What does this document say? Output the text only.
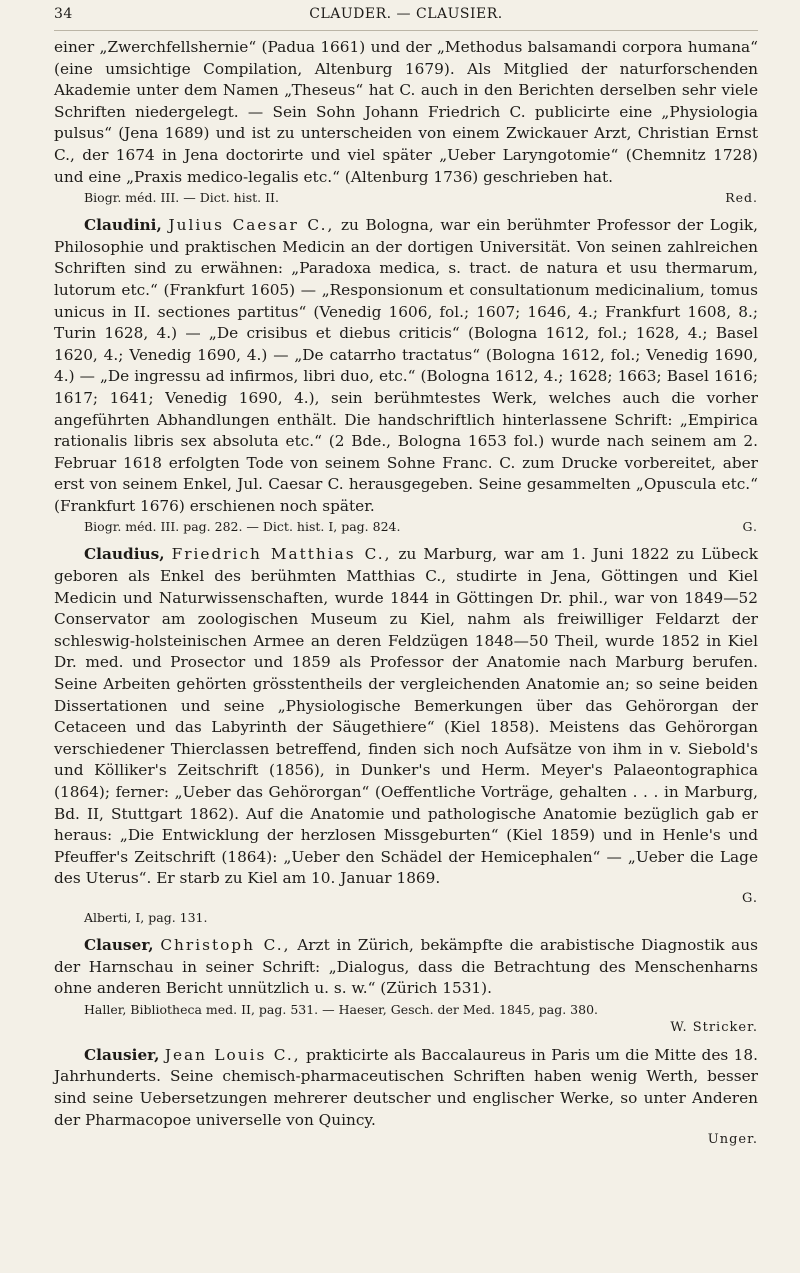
34	CLAUDER. — CLAUSIER.

einer „Zwerchfellshernie“ (Padua 1661) und der „Methodus balsamandi corpora humana“ (eine umsichtige Compilation, Altenburg 1679). Als Mitglied der naturforschenden Akademie unter dem Namen „Theseus“ hat C. auch in den Berichten derselben sehr viele Schriften niedergelegt. — Sein Sohn Johann Friedrich C. publicirte eine „Physiologia pulsus“ (Jena 1689) und ist zu unterscheiden von einem Zwickauer Arzt, Christian Ernst C., der 1674 in Jena doctorirte und viel später „Ueber Laryngotomie“ (Chemnitz 1728) und eine „Praxis medico-legalis etc.“ (Altenburg 1736) geschrieben hat.

Biogr. méd. III. — Dict. hist. II.	Red.

Claudini, Julius Caesar C., zu Bologna, war ein berühmter Professor der Logik, Philosophie und praktischen Medicin an der dortigen Universität. Von seinen zahlreichen Schriften sind zu erwähnen: „Paradoxa medica, s. tract. de natura et usu thermarum, lutorum etc.“ (Frankfurt 1605) — „Responsionum et consultationum medicinalium, tomus unicus in II. sectiones partitus“ (Venedig 1606, fol.; 1607; 1646, 4.; Frankfurt 1608, 8.; Turin 1628, 4.) — „De crisibus et diebus criticis“ (Bologna 1612, fol.; 1628, 4.; Basel 1620, 4.; Venedig 1690, 4.) — „De catarrho tractatus“ (Bologna 1612, fol.; Venedig 1690, 4.) — „De ingressu ad infirmos, libri duo, etc.“ (Bologna 1612, 4.; 1628; 1663; Basel 1616; 1617; 1641; Venedig 1690, 4.), sein berühmtestes Werk, welches auch die vorher angeführten Abhandlungen enthält. Die handschriftlich hinterlassene Schrift: „Empirica rationalis libris sex absoluta etc.“ (2 Bde., Bologna 1653 fol.) wurde nach seinem am 2. Februar 1618 erfolgten Tode von seinem Sohne Franc. C. zum Drucke vorbereitet, aber erst von seinem Enkel, Jul. Caesar C. herausgegeben. Seine gesammelten „Opuscula etc.“ (Frankfurt 1676) erschienen noch später.

Biogr. méd. III. pag. 282. — Dict. hist. I, pag. 824.	G.

Claudius, Friedrich Matthias C., zu Marburg, war am 1. Juni 1822 zu Lübeck geboren als Enkel des berühmten Matthias C., studirte in Jena, Göttingen und Kiel Medicin und Naturwissenschaften, wurde 1844 in Göttingen Dr. phil., war von 1849—52 Conservator am zoologischen Museum zu Kiel, nahm als freiwilliger Feldarzt der schleswig-holsteinischen Armee an deren Feldzügen 1848—50 Theil, wurde 1852 in Kiel Dr. med. und Prosector und 1859 als Professor der Anatomie nach Marburg berufen. Seine Arbeiten gehörten grösstentheils der vergleichenden Anatomie an; so seine beiden Dissertationen und seine „Physiologische Bemerkungen über das Gehörorgan der Cetaceen und das Labyrinth der Säugethiere“ (Kiel 1858). Meistens das Gehörorgan verschiedener Thierclassen betreffend, finden sich noch Aufsätze von ihm in v. Siebold's und Kölliker's Zeitschrift (1856), in Dunker's und Herm. Meyer's Palaeontographica (1864); ferner: „Ueber das Gehörorgan“ (Oeffentliche Vorträge, gehalten . . . in Marburg, Bd. II, Stuttgart 1862). Auf die Anatomie und pathologische Anatomie bezüglich gab er heraus: „Die Entwicklung der herzlosen Missgeburten“ (Kiel 1859) und in Henle's und Pfeuffer's Zeitschrift (1864): „Ueber den Schädel der Hemicephalen“ — „Ueber die Lage des Uterus“. Er starb zu Kiel am 10. Januar 1869.

G.
Alberti, I, pag. 131.

Clauser, Christoph C., Arzt in Zürich, bekämpfte die arabistische Diagnostik aus der Harnschau in seiner Schrift: „Dialogus, dass die Betrachtung des Menschenharns ohne anderen Bericht unnützlich u. s. w.“ (Zürich 1531).

Haller, Bibliotheca med. II, pag. 531. — Haeser, Gesch. der Med. 1845, pag. 380.
W. Stricker.

Clausier, Jean Louis C., prakticirte als Baccalaureus in Paris um die Mitte des 18. Jahrhunderts. Seine chemisch-pharmaceutischen Schriften haben wenig Werth, besser sind seine Uebersetzungen mehrerer deutscher und englischer Werke, so unter Anderen der Pharmacopoe universelle von Quincy.

Unger.
